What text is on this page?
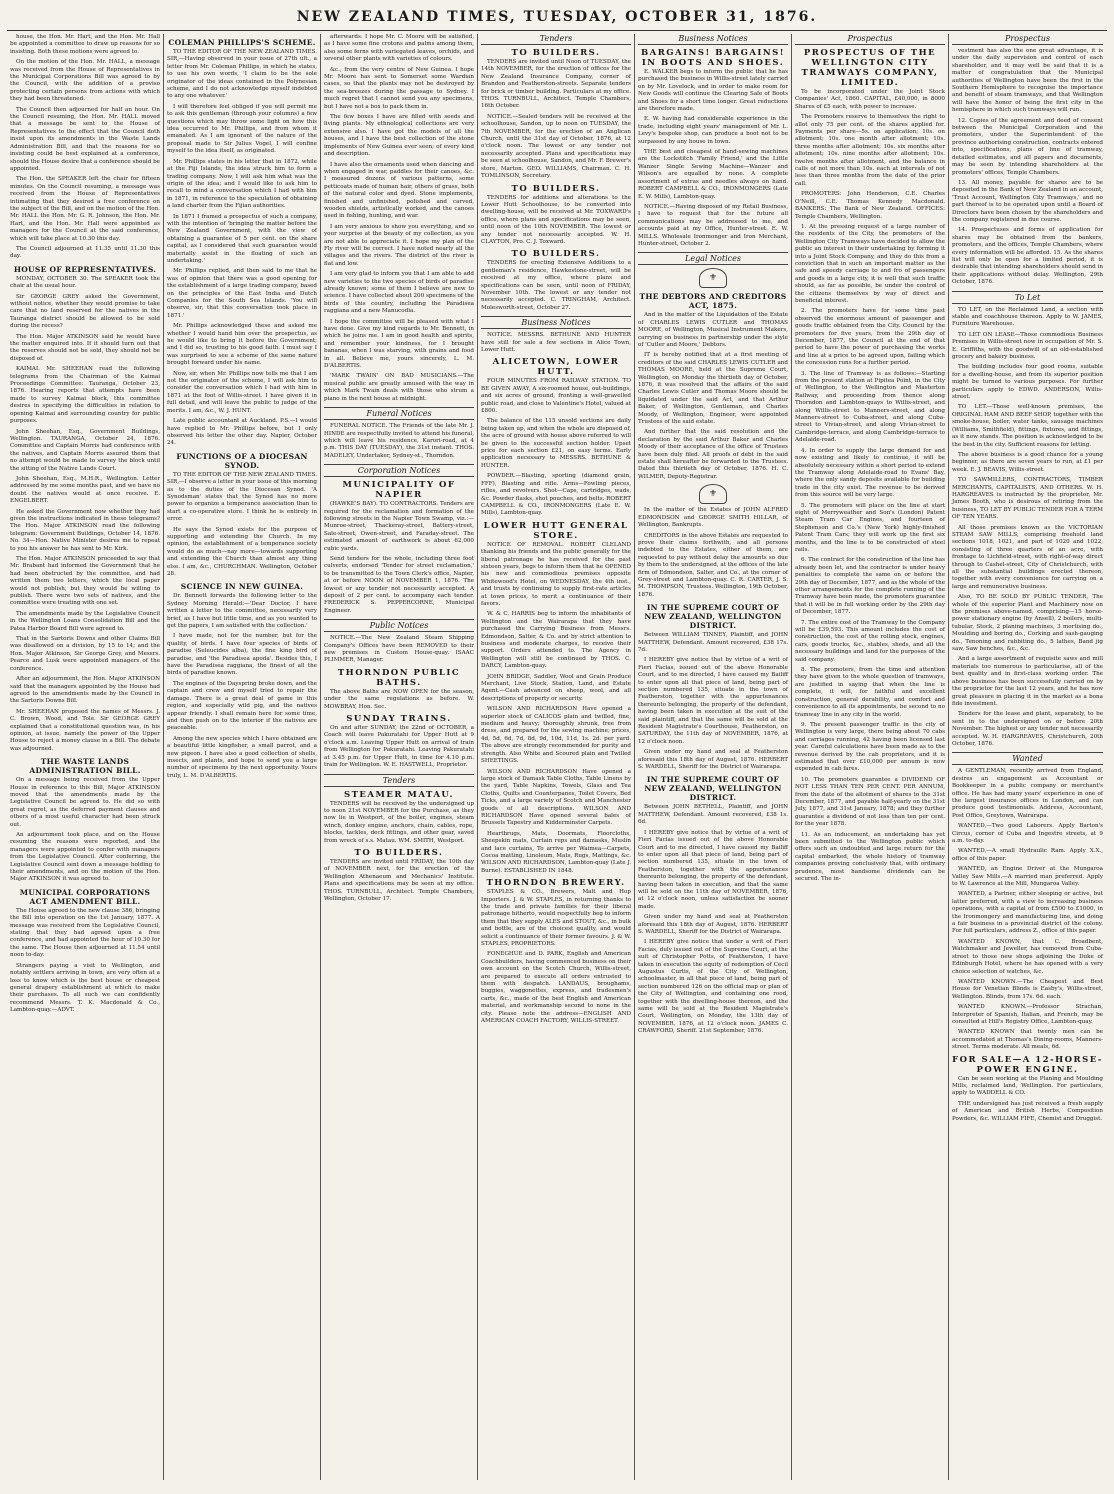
NEW ZEALAND TIMES, TUESDAY, OCTOBER 31, 1876.
house, the Hon. Mr. Hart, and the Hon. Mr. Hall be appointed a committee to draw up reasons for so insisting. Both these motions were agreed to.
On the motion of the Hon. Mr. HALL, a message was received from the House of Representatives in the Municipal Corporations Bill was agreed to by the Council, with the addition of a proviso protecting certain persons from actions with which they had been threatened.
The Council then adjourned for half an hour. On the Council resuming, the Hon. Mr. HALL moved that a message be sent to the House of Representatives to the effect that the Council doth insist upon its amendments in the Waste Lands Administration Bill, and that the reasons for so insisting could be best explained at a conference, should the House desire that a conference should be appointed.
The Hon. the SPEAKER left the chair for fifteen minutes. On the Council resuming, a message was received from the House of Representatives intimating that they desired a free conference on the subject of the Bill, and on the motion of the Hon. Mr. HALL the Hon. Mr. G. R. Johnson, the Hon. Mr. Hart, and the Hon. Mr. Hall were appointed as managers for the Council at the said conference, which will take place at 10.30 this day.
The Council adjourned at 11.35 until 11.30 this day.
HOUSE OF REPRESENTATIVES.
MONDAY, OCTOBER 30. The SPEAKER took the chair at the usual hour.
Sir GEORGE GREY asked the Government, without notice, whether they would promise to take care that no land reserved for the natives in the Tauranga district should be allowed to be sold during the recess?
The Hon. Major ATKINSON said he would have the matter enquired into. If it should turn out that the reserves should not be sold, they should not be disposed of.
KAIMAI. Mr. SHEEHAN read the following telegrams from the Chairman of the Kaimai Proceedings Committee: Tauranga, October 23, 1876. Hearing reports that attempts have been made to survey Kaimai block, this committee desires in specifying the difficulties in relation to opening Kaimai and surrounding country for public purposes.
John Sheehan, Esq., Government Buildings, Wellington. TAURANGA, October 24, 1876. Committee and Captain Morris had conference with the natives, and Captain Morris assured them that no attempt would be made to survey the block until the sitting of the Native Lands Court.
John Sheehan, Esq., M.H.R., Wellington. Letter addressed by me some months past, and we have no doubt the natives would at once receive. E. ENGELBERT.
He asked the Government now whether they had given the instructions indicated in these telegrams? The Hon. Major ATKINSON read the following telegram: Government Buildings, October 14, 1876. No. 34—Hon. Native Minister desires me to repeat to you his answer he has sent to Mr. Kirk.
The Hon. Major ATKINSON proceeded to say that Mr. Brabant had informed the Government that he had been obstructed by the committee, and had written them two letters, which the local paper would not publish, but they would be willing to publish. There were two sets of natives, and the committee were treating with one set.
The amendments made by the Legislative Council in the Wellington Loans Consolidation Bill and the Patea Harbor Board Bill were agreed to.
That in the Sartoris Downs and other Claims Bill was disallowed on a division, by 15 to 14; and the Hon. Major Atkinson, Sir George Grey, and Messrs. Pearce and Lusk were appointed managers of the conference.
After an adjournment, the Hon. Major ATKINSON said that the managers appointed by the House had agreed to the amendments made by the Council in the Sartoris Downs Bill.
Mr. SHEEHAN proposed the names of Messrs. J. C. Brown, Wood, and Tole. Sir GEORGE GREY explained that a constitutional question was, in his opinion, at issue, namely the power of the Upper House to reject a money clause in a Bill. The debate was adjourned.
THE WASTE LANDS ADMINISTRATION BILL.
On a message being received from the Upper House in reference to this Bill, Major ATKINSON moved that the amendments made by the Legislative Council be agreed to. He did so with great regret, as the deferred payment clauses and others of a most useful character had been struck out.
An adjournment took place, and on the House resuming the reasons were reported, and the managers were appointed to confer with managers from the Legislative Council. After conferring, the Legislative Council sent down a message holding to their amendments, and on the motion of the Hon. Major ATKINSON it was agreed to.
MUNICIPAL CORPORATIONS ACT AMENDMENT BILL.
The House agreed to the new clause 386, bringing the Bill into operation on the 1st January, 1877. A message was received from the Legislative Council, stating that they had agreed upon a free conference, and had appointed the hour of 10.30 for the same. The House then adjourned at 11.54 until noon to-day.
Strangers paying a visit to Wellington, and notably settlers arriving in town, are very often at a loss to know which is the best house or cheapest general drapery establishment at which to make their purchases. To all such we can confidently recommend Messrs. T. K. Macdonald & Co., Lambton-quay.—ADVT.
COLEMAN PHILLIPS'S SCHEME.
TO THE EDITOR OF THE NEW ZEALAND TIMES. SIR,—Having observed in your issue of 27th ult., a letter from Mr. Coleman Phillips, in which he states, to use his own words, 'I claim to be the sole originator of the ideas contained in the Polynesian scheme, and I do not acknowledge myself indebted to any one whatever.'
I will therefore feel obliged if you will permit me to ask this gentleman (through your columns) a few questions which may throw some light on how this idea occurred to Mr. Phillips, and from whom it emanated. As I am ignorant of the nature of the proposal made to Sir Julius Vogel, I will confine myself to the idea itself, as originated.
Mr. Phillips states in his letter that in 1872, while at the Fiji Islands, the idea struck him to form a trading company. Now, I will ask him what was the origin of the idea; and I would like to ask him to recall to mind a conversation which I had with him in 1871, in reference to the speculation of obtaining a land charter from the Fijian authorities.
In 1871 I framed a prospectus of such a company, with the intention of 'bringing the matter before the New Zealand Government, with the view of obtaining a guarantee of 5 per cent. on the share capital, as I considered that such guarantee would materially assist in the floating of such an undertaking.'
Mr. Phillips replied, and then said to me that he was of opinion that there was a good opening for the establishment of a large trading company, based on the principles of the East India and Dutch Companies for the South Sea Islands. 'You will observe, sir, that this conversation took place in 1871.'
Mr. Phillips acknowledged these and asked me whether I would hand him over the prospectus, as he would like to bring it before the Government; and I did so, trusting to his good faith. I must say I was surprised to see a scheme of the same nature brought forward under his name.
Now, sir, when Mr. Phillips now tells me that I am not the originator of the scheme, I will ask him to consider the conversation which I had with him in 1871 at the foot of Willis-street. I have given it in full detail, and will leave the public to judge of the merits. I am, &c., W. J. HUNT.
Late public accountant at Auckland. P.S.—I would have replied to Mr. Phillips before, but I only observed his letter the other day. Napier, October 24.
FUNCTIONS OF A DIOCESAN SYNOD.
TO THE EDITOR OF THE NEW ZEALAND TIMES. SIR,—I observe a letter in your issue of this morning as to the duties of the Diocesan Synod. 'A Synodsman' states that the Synod has no more power to organize a temperance association than to start a co-operative store. I think he is entirely in error.
He says the Synod exists for the purpose of supporting and extending the Church. In my opinion, the establishment of a temperance society would do as much—nay more—towards supporting and extending the Church than almost any thing else. I am, &c., CHURCHMAN. Wellington, October 28.
SCIENCE IN NEW GUINEA.
Dr. Bennett forwards the following letter to the Sydney Morning Herald:—'Dear Doctor, I have written a letter to the committee, necessarily very brief, as I have but little time, and as you wanted to get the papers, I am satisfied with the collection.'
I have made, not for the number, but for the quality, of birds. I have four species of birds of paradise (Seleucides alba), the fine king bird of paradise, and 'the Paradisea apoda'. Besides this, I have the Paradisea raggiana, the finest of all the birds of paradise known.
The engines of the Dayspring broke down, and the captain and crew and myself tried to repair the damage. There is a great deal of game in this region, and especially wild pig, and the natives appear friendly. I shall remain here for some time, and then push on to the interior if the natives are peaceable.
Among the new species which I have obtained are a beautiful little kingfisher, a small parrot, and a new pigeon. I have also a good collection of shells, insects, and plants, and hope to send you a large number of specimens by the next opportunity. Yours truly, L. M. D'ALBERTIS.
afterwards. I hope Mr. C. Moore will be satisfied, as I have some fine crotons and palms among them, also some ferns with variegated leaves, orchids, and several other plants with varieties of colours.
&c., from the very centre of New Guinea. I hope Mr. Moore has sent to Somerset some Wardian cases, so that the plants may not be destroyed by the sea-breezes during the passage to Sydney. I much regret that I cannot send you any specimens, but I have not a box to pack them in.
The few boxes I have are filled with seeds and living plants. My ethnological collections are very extensive also. I have got the models of all the houses, and I have the best collection of the stone implements of New Guinea ever seen; of every kind and description.
I have also the ornaments used when dancing and when engaged in war, paddles for their canoes, &c. I measured dozens of various patterns, some petticoats made of human hair, others of grass, both of the natural color and dyed. Stone implements, finished and unfinished, polished and carved, wooden shields, artistically worked, and the canoes used in fishing, hunting, and war.
I am very anxious to show you everything, and so your surprise at the beauty of my collection, as you are not able to appreciate it. I hope my plan of the Fly river will be correct. I have noted nearly all the villages and the rivers. The district of the river is flat and low.
I am very glad to inform you that I am able to add new varieties to the two species of birds of paradise already known; some of them I believe are new to science. I have collected about 200 specimens of the birds of this country, including the Paradisea raggiana and a new Manucodia.
I hope the committee will be pleased with what I have done. Give my kind regards to Mr. Bennett, in which he joins me. I am in good health and spirits, and remember your kindness, for I brought bananas, when I was starving, with grains and food in all. Believe me, yours sincerely, L. M. D'ALBERTIS.
'MARK TWAIN' ON BAD MUSICIANS.—The musical public are greatly amused with the way in which Mark Twain deals with those who strum a piano in the next house at midnight.
Funeral Notices
FUNERAL NOTICE. The Friends of the late Mr. J. HINDE are respectfully invited to attend his funeral, which will leave his residence, Karori-road, at 4 p.m. THIS DAY (TUESDAY), the 31st instant. THOS. MADELEY, Undertaker, Sydney-st., Thorndon.
Corporation Notices
MUNICIPALITY OF NAPIER
(HAWKE'S BAY). TO CONTRACTORS. Tenders are required for the reclamation and formation of the following streets in the Napier Town Swamp, viz.:—Munroe-street, Thackeray-street, Battery-street, Sale-street, Owen-street, and Faraday-street. The estimated amount of earthwork is about 62,000 cubic yards.
Send tenders for the whole, including three foot culverts, endorsed 'Tender for street reclamation,' to be transmitted to the Town Clerk's office, Napier, at or before NOON of NOVEMBER 1, 1876. The lowest or any tender not necessarily accepted. A deposit of 2 per cent. to accompany each tender. FREDERICK S. PEPPERCORNE, Municipal Engineer.
Public Notices
NOTICE.—The New Zealand Steam Shipping Company's Offices have been REMOVED to their new premises in Custom House-quay. ISAAC PLIMMER, Manager.
THORNDON PUBLIC BATHS.
The above Baths are NOW OPEN for the season, under the same regulations as before. W. MOWBRAY, Hon. Sec.
SUNDAY TRAINS.
On and after SUNDAY, the 22nd of OCTOBER, a Coach will leave Pakuratahi for Upper Hutt at 9 o'clock a.m. Leaving Upper Hutt on arrival of train from Wellington for Pakuratahi. Leaving Pakuratahi at 3.45 p.m. for Upper Hutt, in time for 4.10 p.m. train for Wellington. W. E. HASTWELL, Proprietor.
Tenders
STEAMER MATAU.
TENDERS will be received by the undersigned up to noon 21st NOVEMBER for the Purchase, as they now lie in Westport, of the boiler, engines, steam winch, donkey engine, anchors, chain, cables, rope, blocks, tackles, deck fittings, and other gear, saved from wreck of s.s. Matau. WM. SMITH, Westport.
TO BUILDERS.
TENDERS are invited until FRIDAY, the 10th day of NOVEMBER next, for the erection of the Wellington Athenaeum and Mechanics' Institute. Plans and specifications may be seen at my office. THOS. TURNBULL, Architect. Temple Chambers, Wellington, October 17.
Tenders
TO BUILDERS.
TENDERS are invited until Noon of TUESDAY, the 14th NOVEMBER, for the erection of offices for the New Zealand Insurance Company, corner of Brandon and Featherston-streets. Separate tenders for brick or timber building. Particulars at my office. THOS. TURNBULL, Architect. Temple Chambers, 16th October.
NOTICE.—Sealed tenders will be received at the schoolhouse, Sandon, up to noon on TUESDAY, the 7th NOVEMBER, for the erection of an Anglican Church, until the 31st day of October, 1876, at 12 o'clock noon. The lowest or any tender not necessarily accepted. Plans and specifications may be seen at schoolhouse, Sandon, and Mr. F. Brewer's store, Marton. GEO. WILLIAMS, Chairman. C. H. TOMLINSON, Secretary.
TO BUILDERS.
TENDERS for additions and alterations to the Lower Hutt Schoolhouse, to be converted into dwelling-house, will be received at Mr. TOXWARD's office, where plans and specifications may be seen, until noon of the 10th NOVEMBER. The lowest or any tender not necessarily accepted. W. H. CLAYTON, Pro. C. J. Toxward.
TO BUILDERS.
TENDERS for erecting Extensive Additions to a gentleman's residence, Hawkestone-street, will be received at my office, where plans and specifications can be seen, until noon of FRIDAY, November 10th. The lowest or any tender not necessarily accepted. C. TRINGHAM, Architect. Molesworth-street, October 27.
Business Notices
NOTICE. MESSRS. BETHUNE AND HUNTER have still for sale a few sections in Alice Town, Lower Hutt.
ALICETOWN, LOWER HUTT.
FOUR MINUTES FROM RAILWAY STATION. TO BE GIVEN AWAY, A six-roomed house, out-buildings, and six acres of ground, fronting a well-gravelled public road, and close to Valentine's Hotel, valued at £800.
The balance of the 115 unsold sections are daily being taken up, and when the whole are disposed of, the acre of ground with house above referred to will be given to the successful section holder. Upset price for each section £21, on easy terms. Early application necessary to MESSRS. BETHUNE & HUNTER.
POWDER.—Blasting, sporting (diamond grain, FFF), Blasting and rifle. Arms—Fowling pieces, rifles, and revolvers. Shot—Caps, cartridges, wads, &c. Powder flasks, shot pouches, and belts. ROBERT CAMPBELL & CO., IRONMONGERS (Late E. W. Mills), Lambton-quay.
LOWER HUTT GENERAL STORE.
NOTICE OF REMOVAL. ROBERT CLELAND thanking his friends and the public generally for the liberal patronage he has received for the past sixteen years, begs to inform them that he OPENED his new and commodious premises opposite Whitewood's Hotel, on WEDNESDAY, the 4th inst., and trusts by continuing to supply first-rate articles at town prices, to merit a continuance of their favors.
W. & C. HARRIS beg to inform the inhabitants of Wellington and the Wairarapa that they have purchased the Carrying Business from Messrs. Edmondson, Salter, & Co. and by strict attention to business and moderate charges, to receive their support. Orders attended to. The Agency in Wellington will still be continued by THOS. C. DARCY, Lambton-quay.
JOHN BRIDGE, Saddler, Wool and Grain Produce Merchant, Live Stock, Station, Land, and Estate Agent.—Cash advanced on sheep, wool, and all descriptions of property or security.
WILSON AND RICHARDSON Have opened a superior stock of CALICOS plain and twilled, fine, medium and heavy; thoroughly shrunk, free from dress, and prepared for the sewing machine; prices, 4d, 5d, 6d, 7d, 8d, 9d, 10d, 11d, 1s. 2d. per yard. The above are strongly recommended for purity and strength. Also White and Scoured plain and Twilled SHEETINGS.
WILSON AND RICHARDSON Have opened a large stock of Damask Table Cloths, Table Linens by the yard, Table Napkins, Towels, Glass and Tea Cloths, Quilts and Counterpanes, Toilet Covers, Bed Ticks, and a large variety of Scotch and Manchester goods of all descriptions. WILSON AND RICHARDSON Have opened several bales of Brussels Tapestry and Kidderminster Carpets.
Hearthrugs, Mats, Doormats, Floorcloths, Sheepskin mats, Curtain reps and damasks, Muslin and lace curtains, To arrive per Waimea—Carpets, Cocoa matting, Linoleum, Mats, Rugs, Mattings, &c. WILSON AND RICHARDSON, Lambton-quay (Late J. Burne). ESTABLISHED IN 1848.
THORNDON BREWERY.
STAPLES & CO., Brewers, Malt and Hop Importers. J. & W. STAPLES, in returning thanks to the trade and private families for their liberal patronage hitherto, would respectfully beg to inform them that they supply ALES and STOUT, &c., in bulk and bottle, are of the choicest quality, and would solicit a continuance of their former favours. J. & W. STAPLES, PROPRIETORS.
FONEGHUE and D. PARK, English and American Coachbuilders, having commenced business on their own account on the Scotch Church, Willis-street, are prepared to execute all orders entrusted to them with despatch. LANDAUS, broughams, buggies, waggonettes, express, and tradesmen's carts, &c., made of the best English and American material, and workmanship second to none in the city. Please note the address—ENGLISH AND AMERICAN COACH FACTORY, WILLIS-STREET.
Business Notices
BARGAINS! BARGAINS! IN BOOTS AND SHOES.
E. WALKER begs to inform the public that he has purchased the business in Willis-street lately carried on by Mr. Lovelock, and in order to make room for New Goods will continue the Clearing Sale of Boots and Shoes for a short time longer. Great reductions are therefore made.
E. W. having had considerable experience in the trade, including eight years' management of Mr. L. Levy's bespoke shop, can produce a boot not to be surpassed by any house in town.
THE best and cheapest of hand-sewing machines are the Lockstitch 'Family Friend,' and the Little Wanzer Single Sewing Machine—Wanzer and Wilson's are equalled by none. A complete assortment of extras and needles always on hand. ROBERT CAMPBELL & CO., IRONMONGERS (Late E. W. Mills), Lambton-quay.
NOTICE.—Having disposed of my Retail Business, I have to request that for the future all communications may be addressed to me, and accounts paid at my Office, Hunter-street. E. W. MILLS. Wholesale Ironmonger and Iron Merchant, Hunter-street, October 2.
Legal Notices
⚜
THE DEBTORS AND CREDITORS ACT, 1875.
And in the matter of the Liquidation of the Estate of CHARLES LEWIS CUTLER and THOMAS MOORE, of Wellington, Musical Instrument Makers, carrying on business in partnership under the style of 'Cutler and Moore,' Debtors.
IT is hereby notified that at a first meeting of creditors of the said CHARLES LEWIS CUTLER and THOMAS MOORE, held at the Supreme Court, Wellington, on Monday the thirtieth day of October, 1876, it was resolved that the affairs of the said Charles Lewis Cutler and Thomas Moore should be liquidated under the said Act, and that Arthur Baker, of Wellington, Gentleman, and Charles Moody, of Wellington, Engineer, were appointed Trustees of the said estate.
And further that the said resolution and the declaration by the said Arthur Baker and Charles Moody of their acceptance of the office of Trustees have been duly filed. All proofs of debt in the said estate shall hereafter be forwarded to the Trustees. Dated this thirtieth day of October, 1876. H. C. WILMER, Deputy-Registrar.
⚜
In the matter of the Estates of JOHN ALFRED EDMONDSON and GEORGE SMITH HILLAR, of Wellington, Bankrupts.
CREDITORS in the above Estates are requested to prove their claims forthwith, and all persons indebted to the Estates, either of them, are requested to pay without delay the amounts so due by them to the undersigned, at the offices of the late firm of Edmondson, Salter, and Co., at the corner of Grey-street and Lambton-quay. C. R. CARTER, J. S. M. THOMPSON, Trustees. Wellington, 19th October, 1876.
IN THE SUPREME COURT OF NEW ZEALAND, WELLINGTON DISTRICT.
Between WILLIAM TINNEY, Plaintiff, and JOHN MATTHEW, Defendant. Amount recovered, £38 17s. 7d.
I HEREBY give notice that by virtue of a writ of Fieri Facias, issued out of the above Honorable Court, and to me directed, I have caused my Bailiff to enter upon all that piece of land, being part of section numbered 135, situate in the town of Featherston, together with the appurtenances thereunto belonging, the property of the defendant, having been taken in execution at the suit of the said plaintiff, and that the same will be sold at the Resident Magistrate's Courthouse, Featherston, on SATURDAY, the 11th day of NOVEMBER, 1876, at 12 o'clock noon.
Given under my hand and seal at Featherston aforesaid this 18th day of August, 1876. HERBERT S. WARDELL, Sheriff for the District of Wairarapa.
IN THE SUPREME COURT OF NEW ZEALAND, WELLINGTON DISTRICT.
Between JOHN BETHELL, Plaintiff, and JOHN MATTHEW, Defendant. Amount recovered, £38 1s. 6d.
I HEREBY give notice that by virtue of a writ of Fieri Facias issued out of the above Honorable Court and to me directed, I have caused my Bailiff to enter upon all that piece of land, being part of section numbered 135, situate in the town of Featherston, together with the appurtenances thereunto belonging, the property of the defendant, having been taken in execution, and that the same will be sold on the 11th day of NOVEMBER, 1876, at 12 o'clock noon, unless satisfaction be sooner made.
Given under my hand and seal at Featherston aforesaid this 18th day of August, 1876. HERBERT S. WARDELL, Sheriff for the District of Wairarapa.
I HEREBY give notice that under a writ of Fieri Facias, duly issued out of the Supreme Court, at the suit of Christopher Potts, of Featherston, I have taken in execution the equity of redemption of Cecil Augustus Curtis, of the City of Wellington, schoolmaster, in all that piece of land, being part of section numbered 126 on the official map or plan of the City of Wellington, and containing one rood, together with the dwelling-house thereon, and the same will be sold at the Resident Magistrate's Court, Wellington, on Monday, the 13th day of NOVEMBER, 1876, at 12 o'clock noon. JAMES C. CRAWFORD, Sheriff. 21st September, 1876.
Prospectus
PROSPECTUS OF THE WELLINGTON CITY TRAMWAYS COMPANY, LIMITED.
To be incorporated under the Joint Stock Companies' Act, 1860. CAPITAL, £40,000, in 8000 Shares of £5 each, with power to increase.
The Promoters reserve to themselves the right to allot only 75 per cent. of the shares applied for. Payments per share—5s. on application; 10s. on allotment; 10s. one month after allotment; 10s. three months after allotment; 10s. six months after allotment; 10s. nine months after allotment; 10s. twelve months after allotment, and the balance in calls of not more than 10s. each at intervals of not less than three months from the date of the prior call.
PROMOTERS: John Henderson, C.E. Charles O'Neill, C.E. Thomas Kennedy Macdonald. BANKERS: The Bank of New Zealand. OFFICES: Temple Chambers, Wellington.
1. At the pressing request of a large number of the residents of the City, the promoters of the Wellington City Tramways have decided to allow the public an interest in their undertaking by forming it into a Joint Stock Company, and they do this from a conviction that in such an important matter as the safe and speedy carriage to and fro of passengers and goods in a large city, it is well that such traffic should, as far as possible, be under the control of the citizens themselves by way of direct and beneficial interest.
2. The promoters have for some time past observed the enormous amount of passenger and goods traffic obtained from the City. Council by the promoters for five years, from the 29th day of December, 1877, the Council at the end of that period to have the power of purchasing the works and line at a price to be agreed upon, failing which the concession runs for a further period.
3. The line of Tramway is as follows:—Starting from the present station at Pipitea Point, in the City of Wellington, to the Wellington and Masterton Railway, and proceeding from thence along Thorndon and Lambton-quays to Willis-street, and along Willis-street to Manners-street, and along Manners-street to Cuba-street, and along Cuba-street to Vivian-street, and along Vivian-street to Cambridge-terrace, and along Cambridge-terrace to Adelaide-road.
4. In order to supply the large demand for and now existing and likely to continue, it will be absolutely necessary within a short period to extend the Tramway along Adelaide-road to Evans' Bay, where the only sandy deposits available for building trade in the city exist. The revenue to be derived from this source will be very large.
5. The promoters will place on the line at start eight of Merryweather and Son's (London) Patent Steam Tram Car Engines, and fourteen of Stephenson and Co.'s (New York) highly-finished Patent Tram Cars; they will work up the first six months, and the line is to be constructed of steel rails.
6. The contract for the construction of the line has already been let, and the contractor is under heavy penalties to complete the same on or before the 29th day of December, 1877, and as the whole of the other arrangements for the complete running of the Tramway have been made, the promoters guarantee that it will be in full working order by the 29th day of December, 1877.
7. The entire cost of the Tramway to the Company will be £39,593. This amount includes the cost of construction, the cost of the rolling stock, engines, cars, goods trucks, &c., stables, sheds, and all the necessary buildings and land for the purposes of the said company.
8. The promoters, from the time and attention they have given to the whole question of tramways, are justified in saying that when the line is complete, it will, for faithful and excellent construction, general durability, and comfort and convenience to all its appointments, be second to no tramway line in any city in the world.
9. The present passenger traffic in the city of Wellington is very large, there being about 70 cabs and carriages running, 42 having been licensed last year. Careful calculations have been made as to the revenue derived by the cab proprietors, and it is estimated that over £10,000 per annum is now expended in cab fares.
10. The promoters guarantee a DIVIDEND OF NOT LESS THAN TEN PER CENT. PER ANNUM, from the date of the allotment of shares to the 31st December, 1877, and payable half-yearly on the 31st July, 1877, and 31st January, 1878; and they further guarantee a dividend of not less than ten per cent. for the year 1878.
11. As an inducement, an undertaking has yet been submitted to the Wellington public which offers such an undoubted and large return for the capital embarked, the whole history of tramway companies proving conclusively that, with ordinary prudence, most handsome dividends can be secured. The in-
Prospectus
vestment has also the one great advantage, it is under the daily supervision and control of each shareholder, and it may well be said that it is a matter of congratulation that the Municipal authorities of Wellington have been the first in the Southern Hemisphere to recognise the importance and benefit of steam tramways, and that Wellington will have the honor of being the first city in the hemisphere in which such tramways will run.
12. Copies of the agreement and deed of consent between the Municipal Corporation and the promoters, under the Superintendent of the province authorising construction, contracts entered into, specifications, plans of line of tramway, detailed estimates, and all papers and documents, may be seen by intending shareholders at the promoters' offices, Temple Chambers.
13. All money, payable for shares are to be deposited in the Bank of New Zealand in an account, 'Trust Account, Wellington City Tramways,' and no part thereof is to be operated upon until a Board of Directors have been chosen by the shareholders and the company registered in due course.
14. Prospectuses and forms of application for shares may be obtained from the bankers, promoters, and the offices, Temple Chambers, where every information will be afforded. 15. As the shares list will only be open for a limited period, it is desirable that intending shareholders should send in their applications without delay. Wellington, 29th October, 1876.
To Let
TO LET, on the Reclaimed Land, a section with stable and coachhouse thereon. Apply to W. JAMES, Furniture Warehouse.
TO LET ON LEASE—Those commodious Business Premises in Willis-street now in occupation of Mr. S. E. Griffiths, with the goodwill of an old-established grocery and bakery business.
The building includes four good rooms, suitable for a dwelling-house, and from its superior position might be turned to various purposes. For further particulars apply to EDWD. ANDERSON, Willis-street.
TO LET.—Those well-known premises, the ORIGINAL HAM AND BEEF SHOP, together with the smoke-house, boiler, water tanks, sausage machines (Williams, Smithfield), fittings, fixtures, and fittings, as it now stands. The position is acknowledged to be the best in the city. Sufficient reasons for letting.
The above business is a good chance for a young beginner, as there are seven years to run, at £1 per week. E. J. BEAVIS, Willis-street.
TO SAWMILLERS, CONTRACTORS, TIMBER MERCHANTS, CAPITALISTS, AND OTHERS. W. H. HARGREAVES is instructed by the proprietor, Mr. James Booth, who is desirous of retiring from the business, TO LET BY PUBLIC TENDER FOR A TERM OF TEN YEARS.
All those premises known as the VICTORIAN STEAM SAW MILLS, comprising freehold land sections 1018, 1021, and part of 1020 and 1022, consisting of three quarters of an acre, with frontage to Lichfield-street, with right-of-way direct through to Cashel-street, City of Christchurch, with all the substantial buildings erected thereon, together with every convenience for carrying on a large and remunerative business.
Also, TO BE SOLD BY PUBLIC TENDER, The whole of the superior Plant and Machinery now on the premises above-named, comprising—15 horse-power stationary engine (by Ansell), 2 boilers, multi-tubular, Stock, 2 planing machines, 3 mortising do., Moulding and boring do., Corking and sash-gauging do., Tenoning and rabbiting do., 5 lathes, Band jig saw, Saw benches, &c., &c.
And a large assortment of requisite saws and mill materials too numerous to particularise, all of the best quality and in first-class working order. The above business has been successfully carried on by the proprietor for the last 12 years, and he has now great pleasure in placing it in the market as a bona fide investment.
Tenders for the lease and plant, separately, to be sent in to the undersigned on or before 20th November. The highest or any tender not necessarily accepted. W. H. HARGREAVES, Christchurch, 20th October, 1876.
Wanted
A GENTLEMAN, recently arrived from England, desires an engagement as Accountant or Bookkeeper in a public company or merchant's office. He has had many years' experience in one of the largest insurance offices in London, and can produce good testimonials. Address, Accountant, Post Office, Greytown, Wairarapa.
WANTED,—Two good Laborers. Apply Barton's Circus, corner of Cuba and Ingestre streets, at 9 a.m. to-day.
WANTED,—A small Hydraulic Ram. Apply X.X., office of this paper.
WANTED, an Engine Driver at the Mungaroa Valley Saw Mills.—A married man preferred. Apply to W. Lawrence at the Mill, Mungaroa Valley.
WANTED, a Partner, either sleeping or active, but latter preferred, with a view to increasing business operations, with a capital of from £500 to £1000, in the Ironmongery and manufacturing line, and doing a fair business in a provincial district of the colony. For full particulars, address Z., office of this paper.
WANTED KNOWN, that C. Broadbent, Watchmaker and Jeweller, has removed from Cuba-street to those new shops adjoining the Duke of Edinburgh Hotel, where he has opened with a very choice selection of watches, &c.
WANTED KNOWN.—The Cheapest and Best House for Venetian Blinds is Easby's, Willis-street, Wellington. Blinds, from 17s. 6d. each.
WANTED KNOWN.—Professor Strachan, Interpreter of Spanish, Italian, and French, may be consulted at Hill's Registry Office, Lambton-quay.
WANTED KNOWN that twenty men can be accommodated at Thomas's Dining-rooms, Manners-street. Terms moderate. All meals, 6d.
FOR SALE—A 12-HORSE-POWER ENGINE.
Can be seen working at the Planing and Moulding Mills, reclaimed land, Wellington. For particulars, apply to WADDELL & CO.
THE undersigned has just received a fresh supply of American and British Herbs, Composition Powders, &c. WILLIAM FIFE, Chemist and Druggist.
